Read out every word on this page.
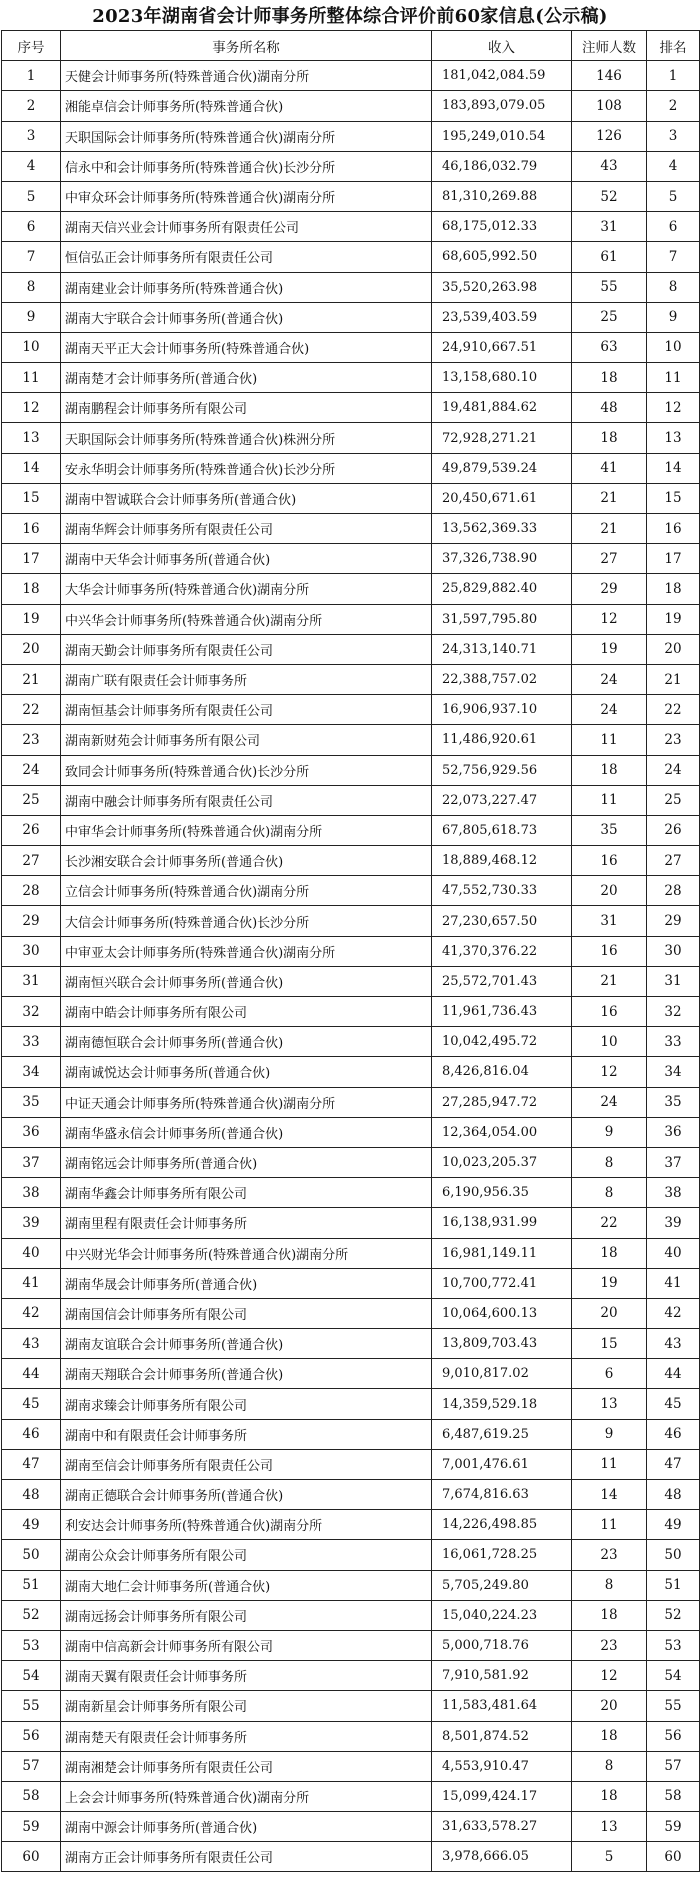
2023年湖南省会计师事务所整体综合评价前60家信息(公示稿)
序号	事务所名称	收入	注师人数	排名
1	天健会计师事务所(特殊普通合伙)湖南分所	181,042,084.59	146	1
2	湘能卓信会计师事务所(特殊普通合伙)	183,893,079.05	108	2
3	天职国际会计师事务所(特殊普通合伙)湖南分所	195,249,010.54	126	3
4	信永中和会计师事务所(特殊普通合伙)长沙分所	46,186,032.79	43	4
5	中审众环会计师事务所(特殊普通合伙)湖南分所	81,310,269.88	52	5
6	湖南天信兴业会计师事务所有限责任公司	68,175,012.33	31	6
7	恒信弘正会计师事务所有限责任公司	68,605,992.50	61	7
8	湖南建业会计师事务所(特殊普通合伙)	35,520,263.98	55	8
9	湖南大宇联合会计师事务所(普通合伙)	23,539,403.59	25	9
10	湖南天平正大会计师事务所(特殊普通合伙)	24,910,667.51	63	10
11	湖南楚才会计师事务所(普通合伙)	13,158,680.10	18	11
12	湖南鹏程会计师事务所有限公司	19,481,884.62	48	12
13	天职国际会计师事务所(特殊普通合伙)株洲分所	72,928,271.21	18	13
14	安永华明会计师事务所(特殊普通合伙)长沙分所	49,879,539.24	41	14
15	湖南中智诚联合会计师事务所(普通合伙)	20,450,671.61	21	15
16	湖南华辉会计师事务所有限责任公司	13,562,369.33	21	16
17	湖南中天华会计师事务所(普通合伙)	37,326,738.90	27	17
18	大华会计师事务所(特殊普通合伙)湖南分所	25,829,882.40	29	18
19	中兴华会计师事务所(特殊普通合伙)湖南分所	31,597,795.80	12	19
20	湖南天勤会计师事务所有限责任公司	24,313,140.71	19	20
21	湖南广联有限责任会计师事务所	22,388,757.02	24	21
22	湖南恒基会计师事务所有限责任公司	16,906,937.10	24	22
23	湖南新财苑会计师事务所有限公司	11,486,920.61	11	23
24	致同会计师事务所(特殊普通合伙)长沙分所	52,756,929.56	18	24
25	湖南中融会计师事务所有限责任公司	22,073,227.47	11	25
26	中审华会计师事务所(特殊普通合伙)湖南分所	67,805,618.73	35	26
27	长沙湘安联合会计师事务所(普通合伙)	18,889,468.12	16	27
28	立信会计师事务所(特殊普通合伙)湖南分所	47,552,730.33	20	28
29	大信会计师事务所(特殊普通合伙)长沙分所	27,230,657.50	31	29
30	中审亚太会计师事务所(特殊普通合伙)湖南分所	41,370,376.22	16	30
31	湖南恒兴联合会计师事务所(普通合伙)	25,572,701.43	21	31
32	湖南中皓会计师事务所有限公司	11,961,736.43	16	32
33	湖南德恒联合会计师事务所(普通合伙)	10,042,495.72	10	33
34	湖南诚悦达会计师事务所(普通合伙)	8,426,816.04	12	34
35	中证天通会计师事务所(特殊普通合伙)湖南分所	27,285,947.72	24	35
36	湖南华盛永信会计师事务所(普通合伙)	12,364,054.00	9	36
37	湖南铭远会计师事务所(普通合伙)	10,023,205.37	8	37
38	湖南华鑫会计师事务所有限公司	6,190,956.35	8	38
39	湖南里程有限责任会计师事务所	16,138,931.99	22	39
40	中兴财光华会计师事务所(特殊普通合伙)湖南分所	16,981,149.11	18	40
41	湖南华晟会计师事务所(普通合伙)	10,700,772.41	19	41
42	湖南国信会计师事务所有限公司	10,064,600.13	20	42
43	湖南友谊联合会计师事务所(普通合伙)	13,809,703.43	15	43
44	湖南天翔联合会计师事务所(普通合伙)	9,010,817.02	6	44
45	湖南求臻会计师事务所有限公司	14,359,529.18	13	45
46	湖南中和有限责任会计师事务所	6,487,619.25	9	46
47	湖南至信会计师事务所有限责任公司	7,001,476.61	11	47
48	湖南正德联合会计师事务所(普通合伙)	7,674,816.63	14	48
49	利安达会计师事务所(特殊普通合伙)湖南分所	14,226,498.85	11	49
50	湖南公众会计师事务所有限公司	16,061,728.25	23	50
51	湖南大地仁会计师事务所(普通合伙)	5,705,249.80	8	51
52	湖南远扬会计师事务所有限公司	15,040,224.23	18	52
53	湖南中信高新会计师事务所有限公司	5,000,718.76	23	53
54	湖南天翼有限责任会计师事务所	7,910,581.92	12	54
55	湖南新星会计师事务所有限公司	11,583,481.64	20	55
56	湖南楚天有限责任会计师事务所	8,501,874.52	18	56
57	湖南湘楚会计师事务所有限责任公司	4,553,910.47	8	57
58	上会会计师事务所(特殊普通合伙)湖南分所	15,099,424.17	18	58
59	湖南中源会计师事务所(普通合伙)	31,633,578.27	13	59
60	湖南方正会计师事务所有限责任公司	3,978,666.05	5	60
